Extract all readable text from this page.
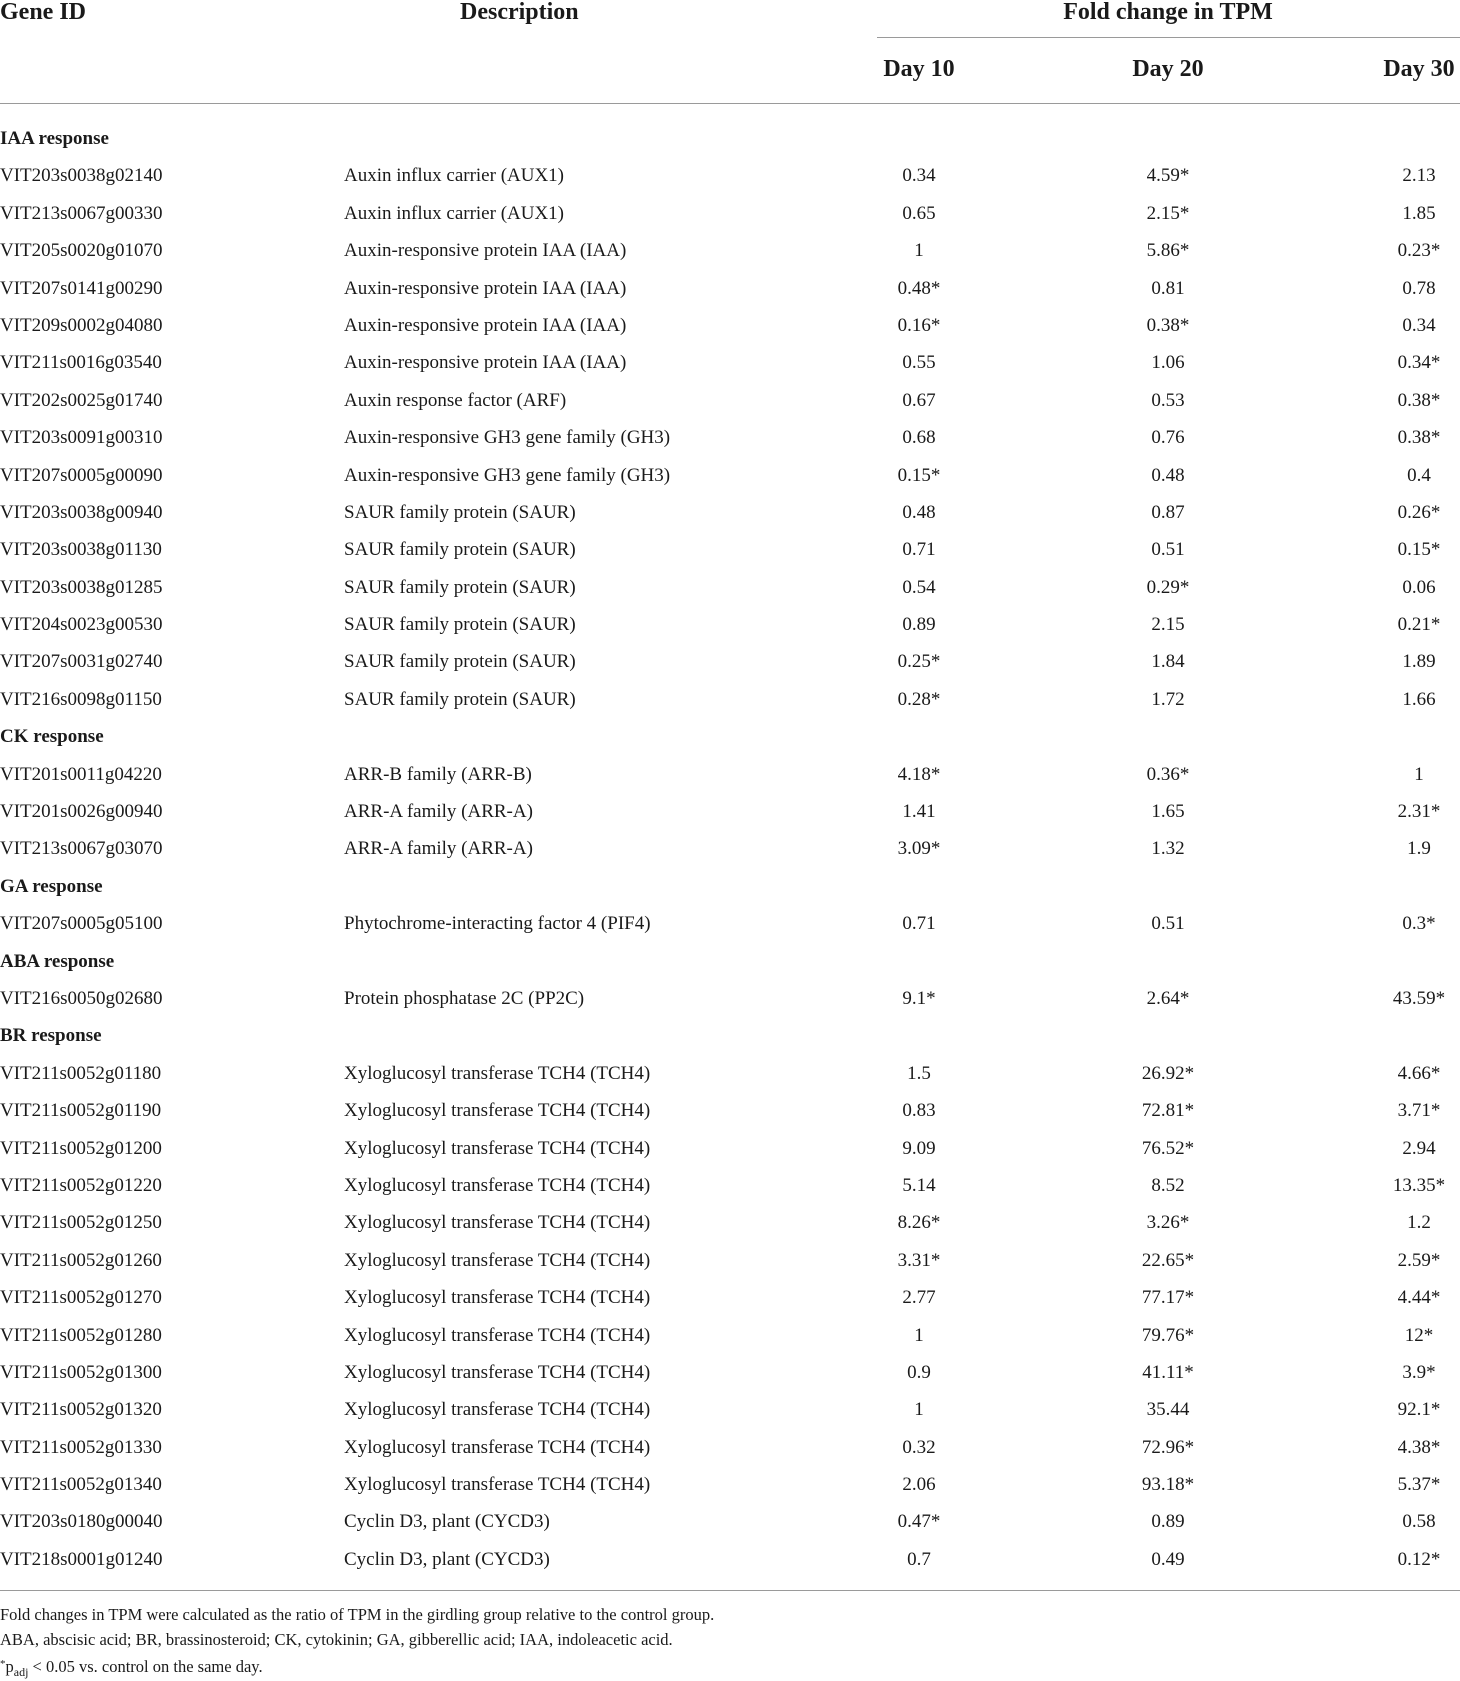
Gene ID	Description	Fold change in TPM
Day 10	Day 20	Day 30
IAA response
VIT203s0038g02140	Auxin influx carrier (AUX1)	0.34	4.59*	2.13
VIT213s0067g00330	Auxin influx carrier (AUX1)	0.65	2.15*	1.85
VIT205s0020g01070	Auxin-responsive protein IAA (IAA)	1	5.86*	0.23*
VIT207s0141g00290	Auxin-responsive protein IAA (IAA)	0.48*	0.81	0.78
VIT209s0002g04080	Auxin-responsive protein IAA (IAA)	0.16*	0.38*	0.34
VIT211s0016g03540	Auxin-responsive protein IAA (IAA)	0.55	1.06	0.34*
VIT202s0025g01740	Auxin response factor (ARF)	0.67	0.53	0.38*
VIT203s0091g00310	Auxin-responsive GH3 gene family (GH3)	0.68	0.76	0.38*
VIT207s0005g00090	Auxin-responsive GH3 gene family (GH3)	0.15*	0.48	0.4
VIT203s0038g00940	SAUR family protein (SAUR)	0.48	0.87	0.26*
VIT203s0038g01130	SAUR family protein (SAUR)	0.71	0.51	0.15*
VIT203s0038g01285	SAUR family protein (SAUR)	0.54	0.29*	0.06
VIT204s0023g00530	SAUR family protein (SAUR)	0.89	2.15	0.21*
VIT207s0031g02740	SAUR family protein (SAUR)	0.25*	1.84	1.89
VIT216s0098g01150	SAUR family protein (SAUR)	0.28*	1.72	1.66
CK response
VIT201s0011g04220	ARR-B family (ARR-B)	4.18*	0.36*	1
VIT201s0026g00940	ARR-A family (ARR-A)	1.41	1.65	2.31*
VIT213s0067g03070	ARR-A family (ARR-A)	3.09*	1.32	1.9
GA response
VIT207s0005g05100	Phytochrome-interacting factor 4 (PIF4)	0.71	0.51	0.3*
ABA response
VIT216s0050g02680	Protein phosphatase 2C (PP2C)	9.1*	2.64*	43.59*
BR response
VIT211s0052g01180	Xyloglucosyl transferase TCH4 (TCH4)	1.5	26.92*	4.66*
VIT211s0052g01190	Xyloglucosyl transferase TCH4 (TCH4)	0.83	72.81*	3.71*
VIT211s0052g01200	Xyloglucosyl transferase TCH4 (TCH4)	9.09	76.52*	2.94
VIT211s0052g01220	Xyloglucosyl transferase TCH4 (TCH4)	5.14	8.52	13.35*
VIT211s0052g01250	Xyloglucosyl transferase TCH4 (TCH4)	8.26*	3.26*	1.2
VIT211s0052g01260	Xyloglucosyl transferase TCH4 (TCH4)	3.31*	22.65*	2.59*
VIT211s0052g01270	Xyloglucosyl transferase TCH4 (TCH4)	2.77	77.17*	4.44*
VIT211s0052g01280	Xyloglucosyl transferase TCH4 (TCH4)	1	79.76*	12*
VIT211s0052g01300	Xyloglucosyl transferase TCH4 (TCH4)	0.9	41.11*	3.9*
VIT211s0052g01320	Xyloglucosyl transferase TCH4 (TCH4)	1	35.44	92.1*
VIT211s0052g01330	Xyloglucosyl transferase TCH4 (TCH4)	0.32	72.96*	4.38*
VIT211s0052g01340	Xyloglucosyl transferase TCH4 (TCH4)	2.06	93.18*	5.37*
VIT203s0180g00040	Cyclin D3, plant (CYCD3)	0.47*	0.89	0.58
VIT218s0001g01240	Cyclin D3, plant (CYCD3)	0.7	0.49	0.12*
Fold changes in TPM were calculated as the ratio of TPM in the girdling group relative to the control group.
ABA, abscisic acid; BR, brassinosteroid; CK, cytokinin; GA, gibberellic acid; IAA, indoleacetic acid.
$^*p_{adj} < 0.05$ vs. control on the same day.
